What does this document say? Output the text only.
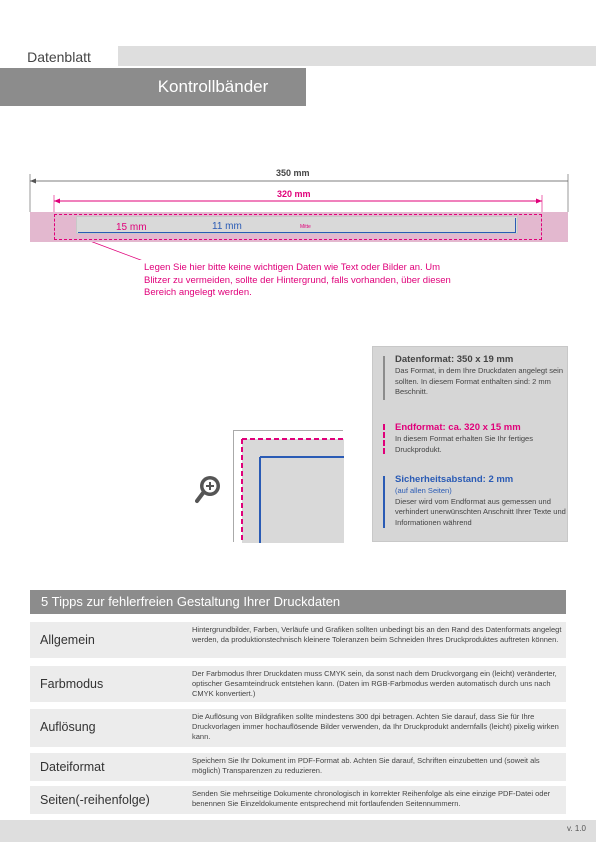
Datenblatt
Kontrollbänder
350 mm
320 mm
15 mm	11 mm	Mitte
Legen Sie hier bitte keine wichtigen Daten wie Text oder Bilder an. Um Blitzer zu vermeiden, sollte der Hintergrund, falls vorhanden, über diesen Bereich angelegt werden.
Datenformat: 350 x 19 mm
Das Format, in dem Ihre Druckdaten angelegt sein sollten. In diesem Format enthalten sind: 2 mm Beschnitt.
Endformat: ca. 320 x 15 mm
In diesem Format erhalten Sie Ihr fertiges Druckprodukt.
Sicherheitsabstand: 2 mm
(auf allen Seiten)
Dieser wird vom Endformat aus gemessen und verhindert unerwünschten Anschnitt Ihrer Texte und Informationen während
5 Tipps zur fehlerfreien Gestaltung Ihrer Druckdaten
Allgemein
Hintergrundbilder, Farben, Verläufe und Grafiken sollten unbedingt bis an den Rand des Datenformats angelegt werden, da produktionstechnisch kleinere Toleranzen beim Schneiden Ihres Druckproduktes auftreten können.
Farbmodus
Der Farbmodus Ihrer Druckdaten muss CMYK sein, da sonst nach dem Druckvorgang ein (leicht) veränderter, optischer Gesamteindruck entstehen kann. (Daten im RGB-Farbmodus werden automatisch durch uns nach CMYK konvertiert.)
Auflösung
Die Auflösung von Bildgrafiken sollte mindestens 300 dpi betragen. Achten Sie darauf, dass Sie für Ihre Druckvorlagen immer hochauflösende Bilder verwenden, da Ihr Druckprodukt andernfalls (leicht) pixelig wirken kann.
Dateiformat	Speichern Sie Ihr Dokument im PDF-Format ab. Achten Sie darauf, Schriften einzubetten und (soweit als möglich) Transparenzen zu reduzieren.
Seiten(-reihenfolge)	Senden Sie mehrseitige Dokumente chronologisch in korrekter Reihenfolge als eine einzige PDF-Datei oder benennen Sie Einzeldokumente entsprechend mit fortlaufenden Seitennummern.
v. 1.0
